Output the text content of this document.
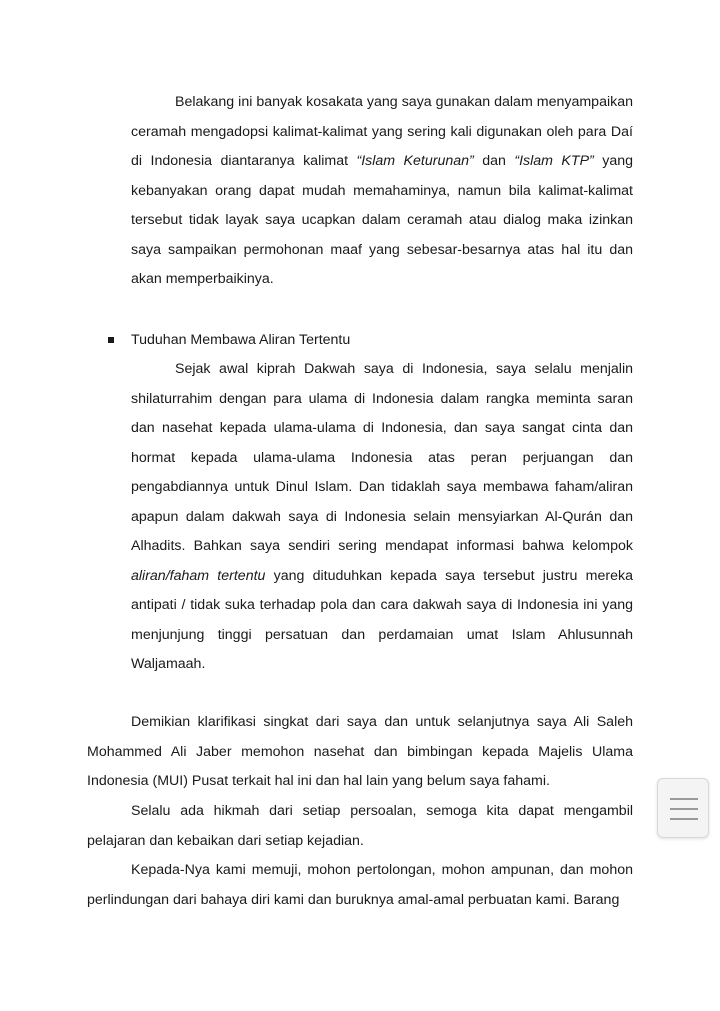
Belakang ini banyak kosakata yang saya gunakan dalam menyampaikan ceramah mengadopsi kalimat-kalimat yang sering kali digunakan oleh para Daí di Indonesia diantaranya kalimat “Islam Keturunan” dan “Islam KTP” yang kebanyakan orang dapat mudah memahaminya, namun bila kalimat-kalimat tersebut tidak layak saya ucapkan dalam ceramah atau dialog maka izinkan saya sampaikan permohonan maaf yang sebesar-besarnya atas hal itu dan akan memperbaikinya.

Tuduhan Membawa Aliran Tertentu

Sejak awal kiprah Dakwah saya di Indonesia, saya selalu menjalin shilaturrahim dengan para ulama di Indonesia dalam rangka meminta saran dan nasehat kepada ulama-ulama di Indonesia, dan saya sangat cinta dan hormat kepada ulama-ulama Indonesia atas peran perjuangan dan pengabdiannya untuk Dinul Islam. Dan tidaklah saya membawa faham/aliran apapun dalam dakwah saya di Indonesia selain mensyiarkan Al-Qurán dan Alhadits. Bahkan saya sendiri sering mendapat informasi bahwa kelompok aliran/faham tertentu yang dituduhkan kepada saya tersebut justru mereka antipati / tidak suka terhadap pola dan cara dakwah saya di Indonesia ini yang menjunjung tinggi persatuan dan perdamaian umat Islam Ahlusunnah Waljamaah.

Demikian klarifikasi singkat dari saya dan untuk selanjutnya saya Ali Saleh Mohammed Ali Jaber memohon nasehat dan bimbingan kepada Majelis Ulama Indonesia (MUI) Pusat terkait hal ini dan hal lain yang belum saya fahami.

Selalu ada hikmah dari setiap persoalan, semoga kita dapat mengambil pelajaran dan kebaikan dari setiap kejadian.

Kepada-Nya kami memuji, mohon pertolongan, mohon ampunan, dan mohon perlindungan dari bahaya diri kami dan buruknya amal-amal perbuatan kami. Barang
